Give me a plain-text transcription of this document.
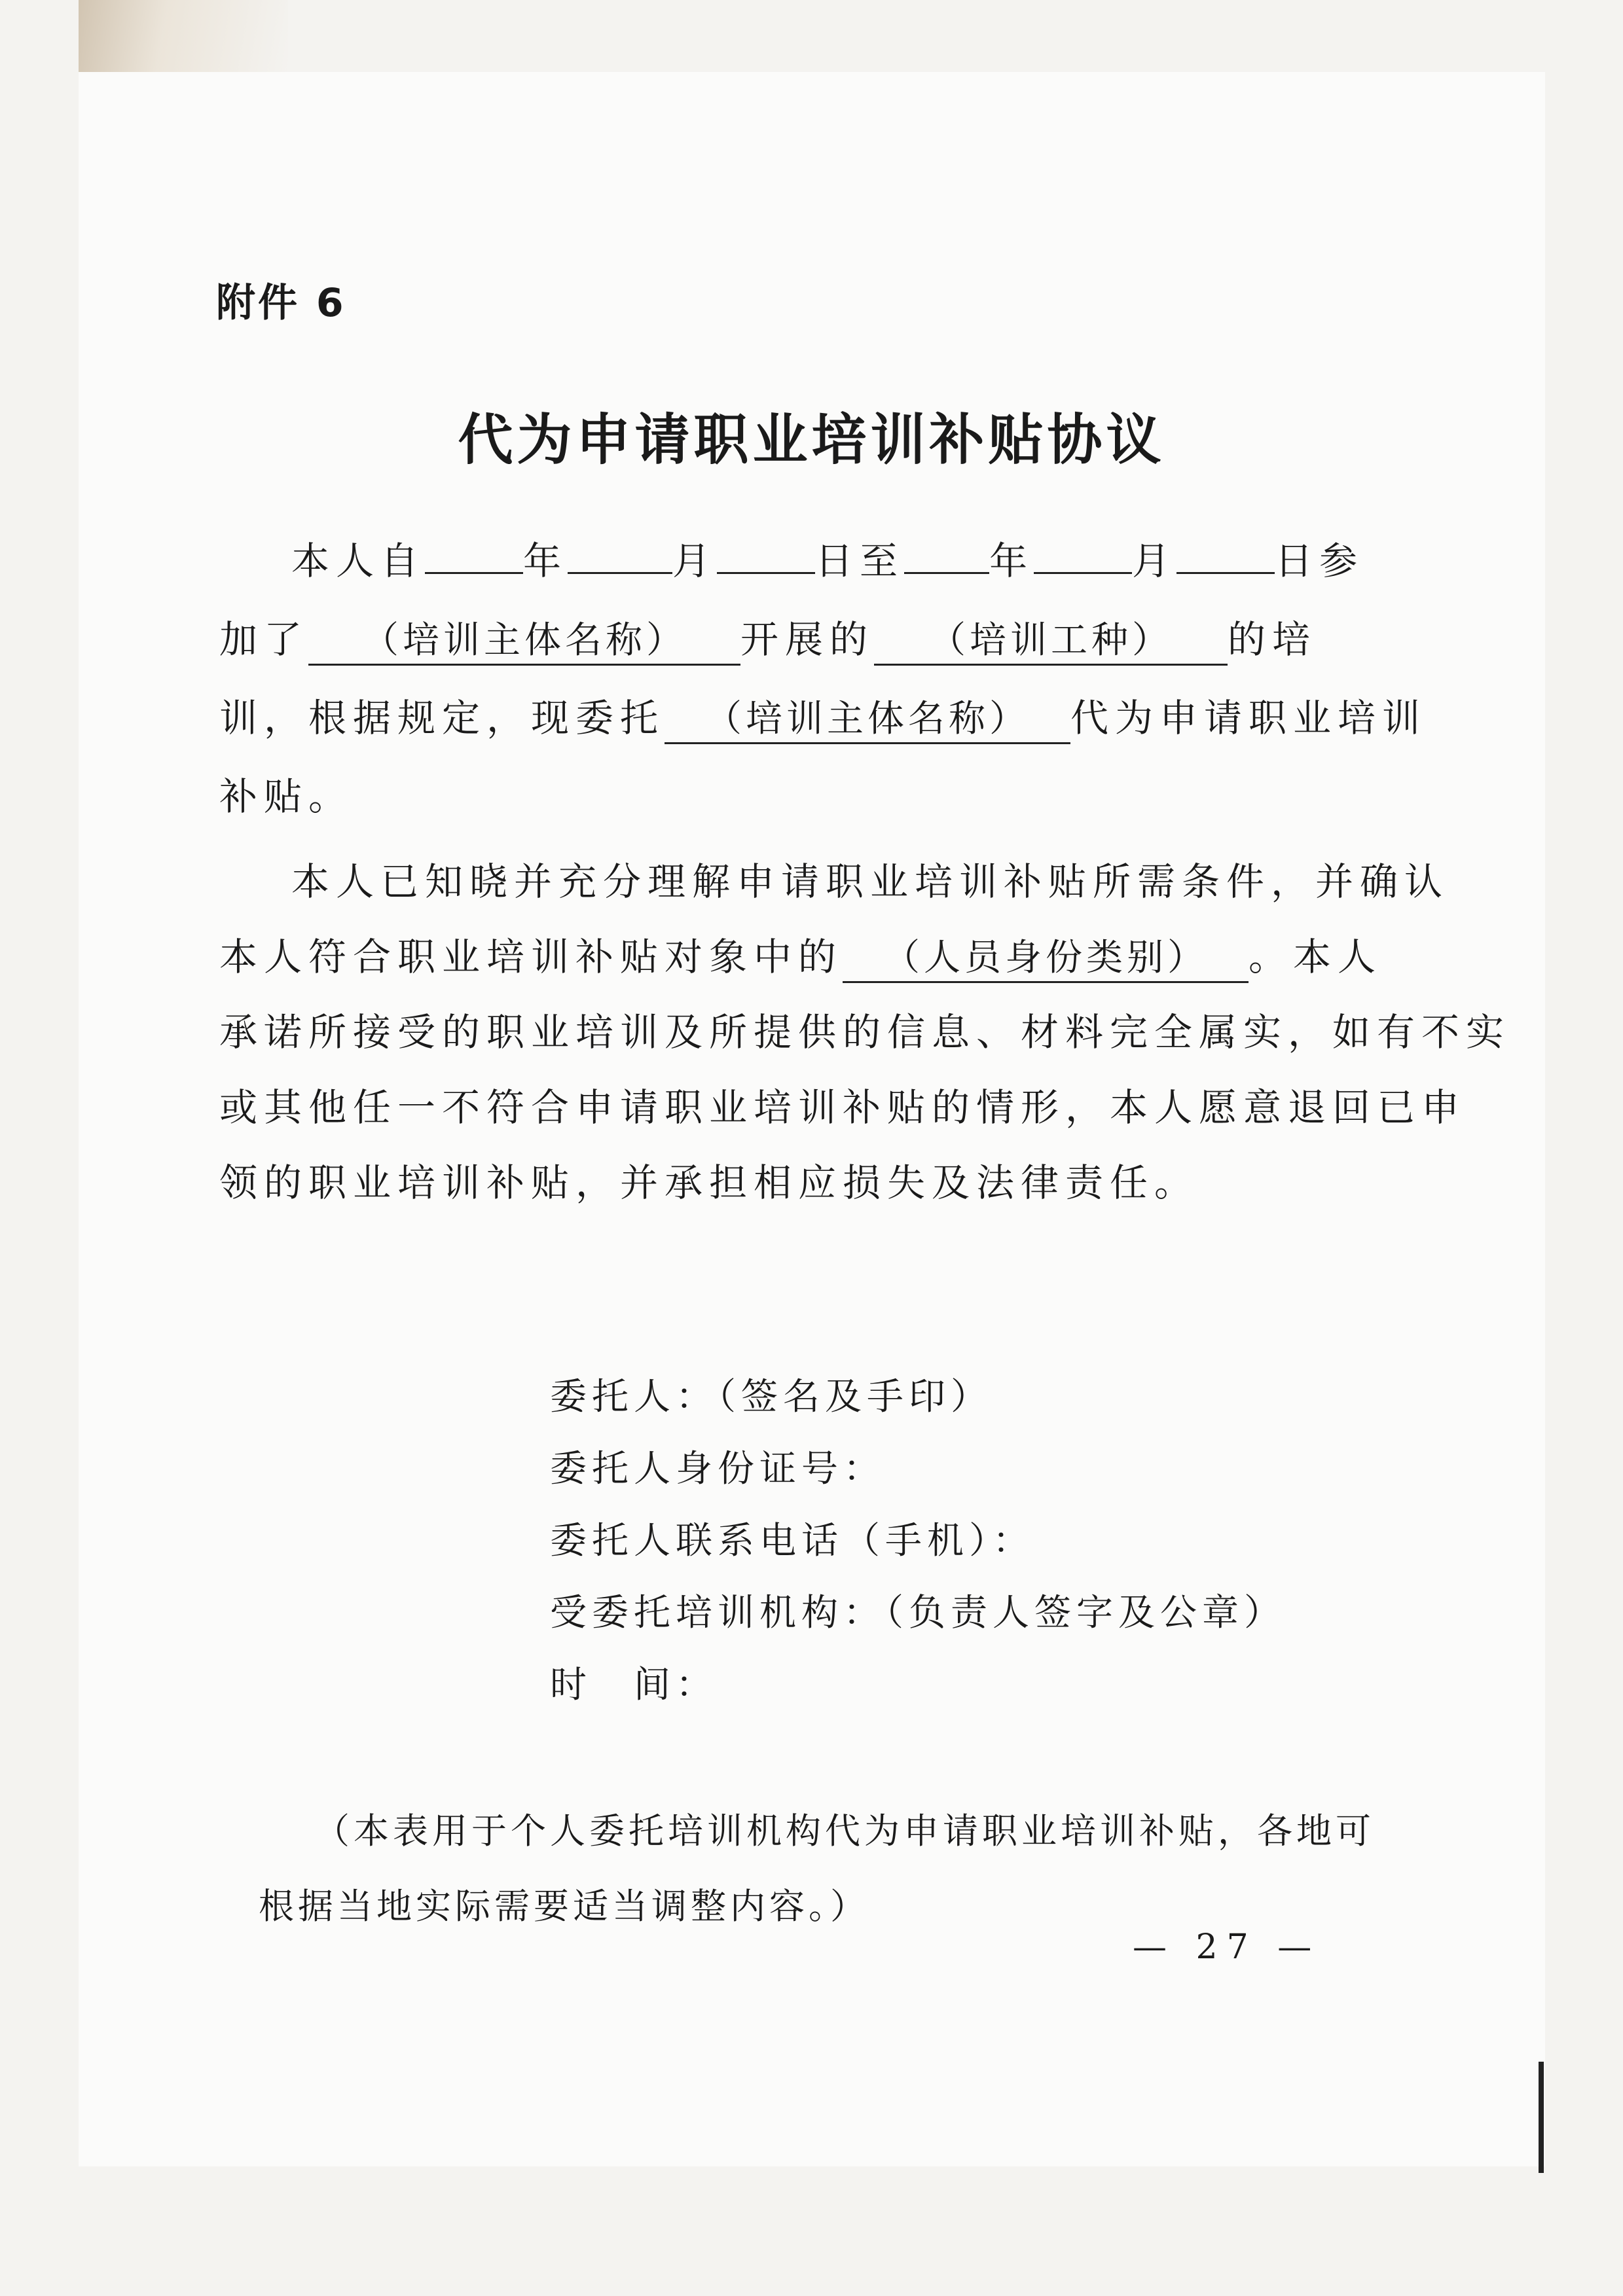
附件 6
代为申请职业培训补贴协议
本人自	年	月	日至 年	月	日参
加了 （培训主体名称） 开展的 （培训工种） 的培
训，根据规定，现委托 （培训主体名称） 代为申请职业培训
补贴。
本人已知晓并充分理解申请职业培训补贴所需条件，并确认
本人符合职业培训补贴对象中的 （人员身份类别） 。本人
承诺所接受的职业培训及所提供的信息、材料完全属实，如有不实
或其他任一不符合申请职业培训补贴的情形，本人愿意退回已申
领的职业培训补贴，并承担相应损失及法律责任。
委托人：（签名及手印）
委托人身份证号：
委托人联系电话（手机）：
受委托培训机构：（负责人签字及公章）
时　间：
（本表用于个人委托培训机构代为申请职业培训补贴，各地可
根据当地实际需要适当调整内容。）
— 27 —
